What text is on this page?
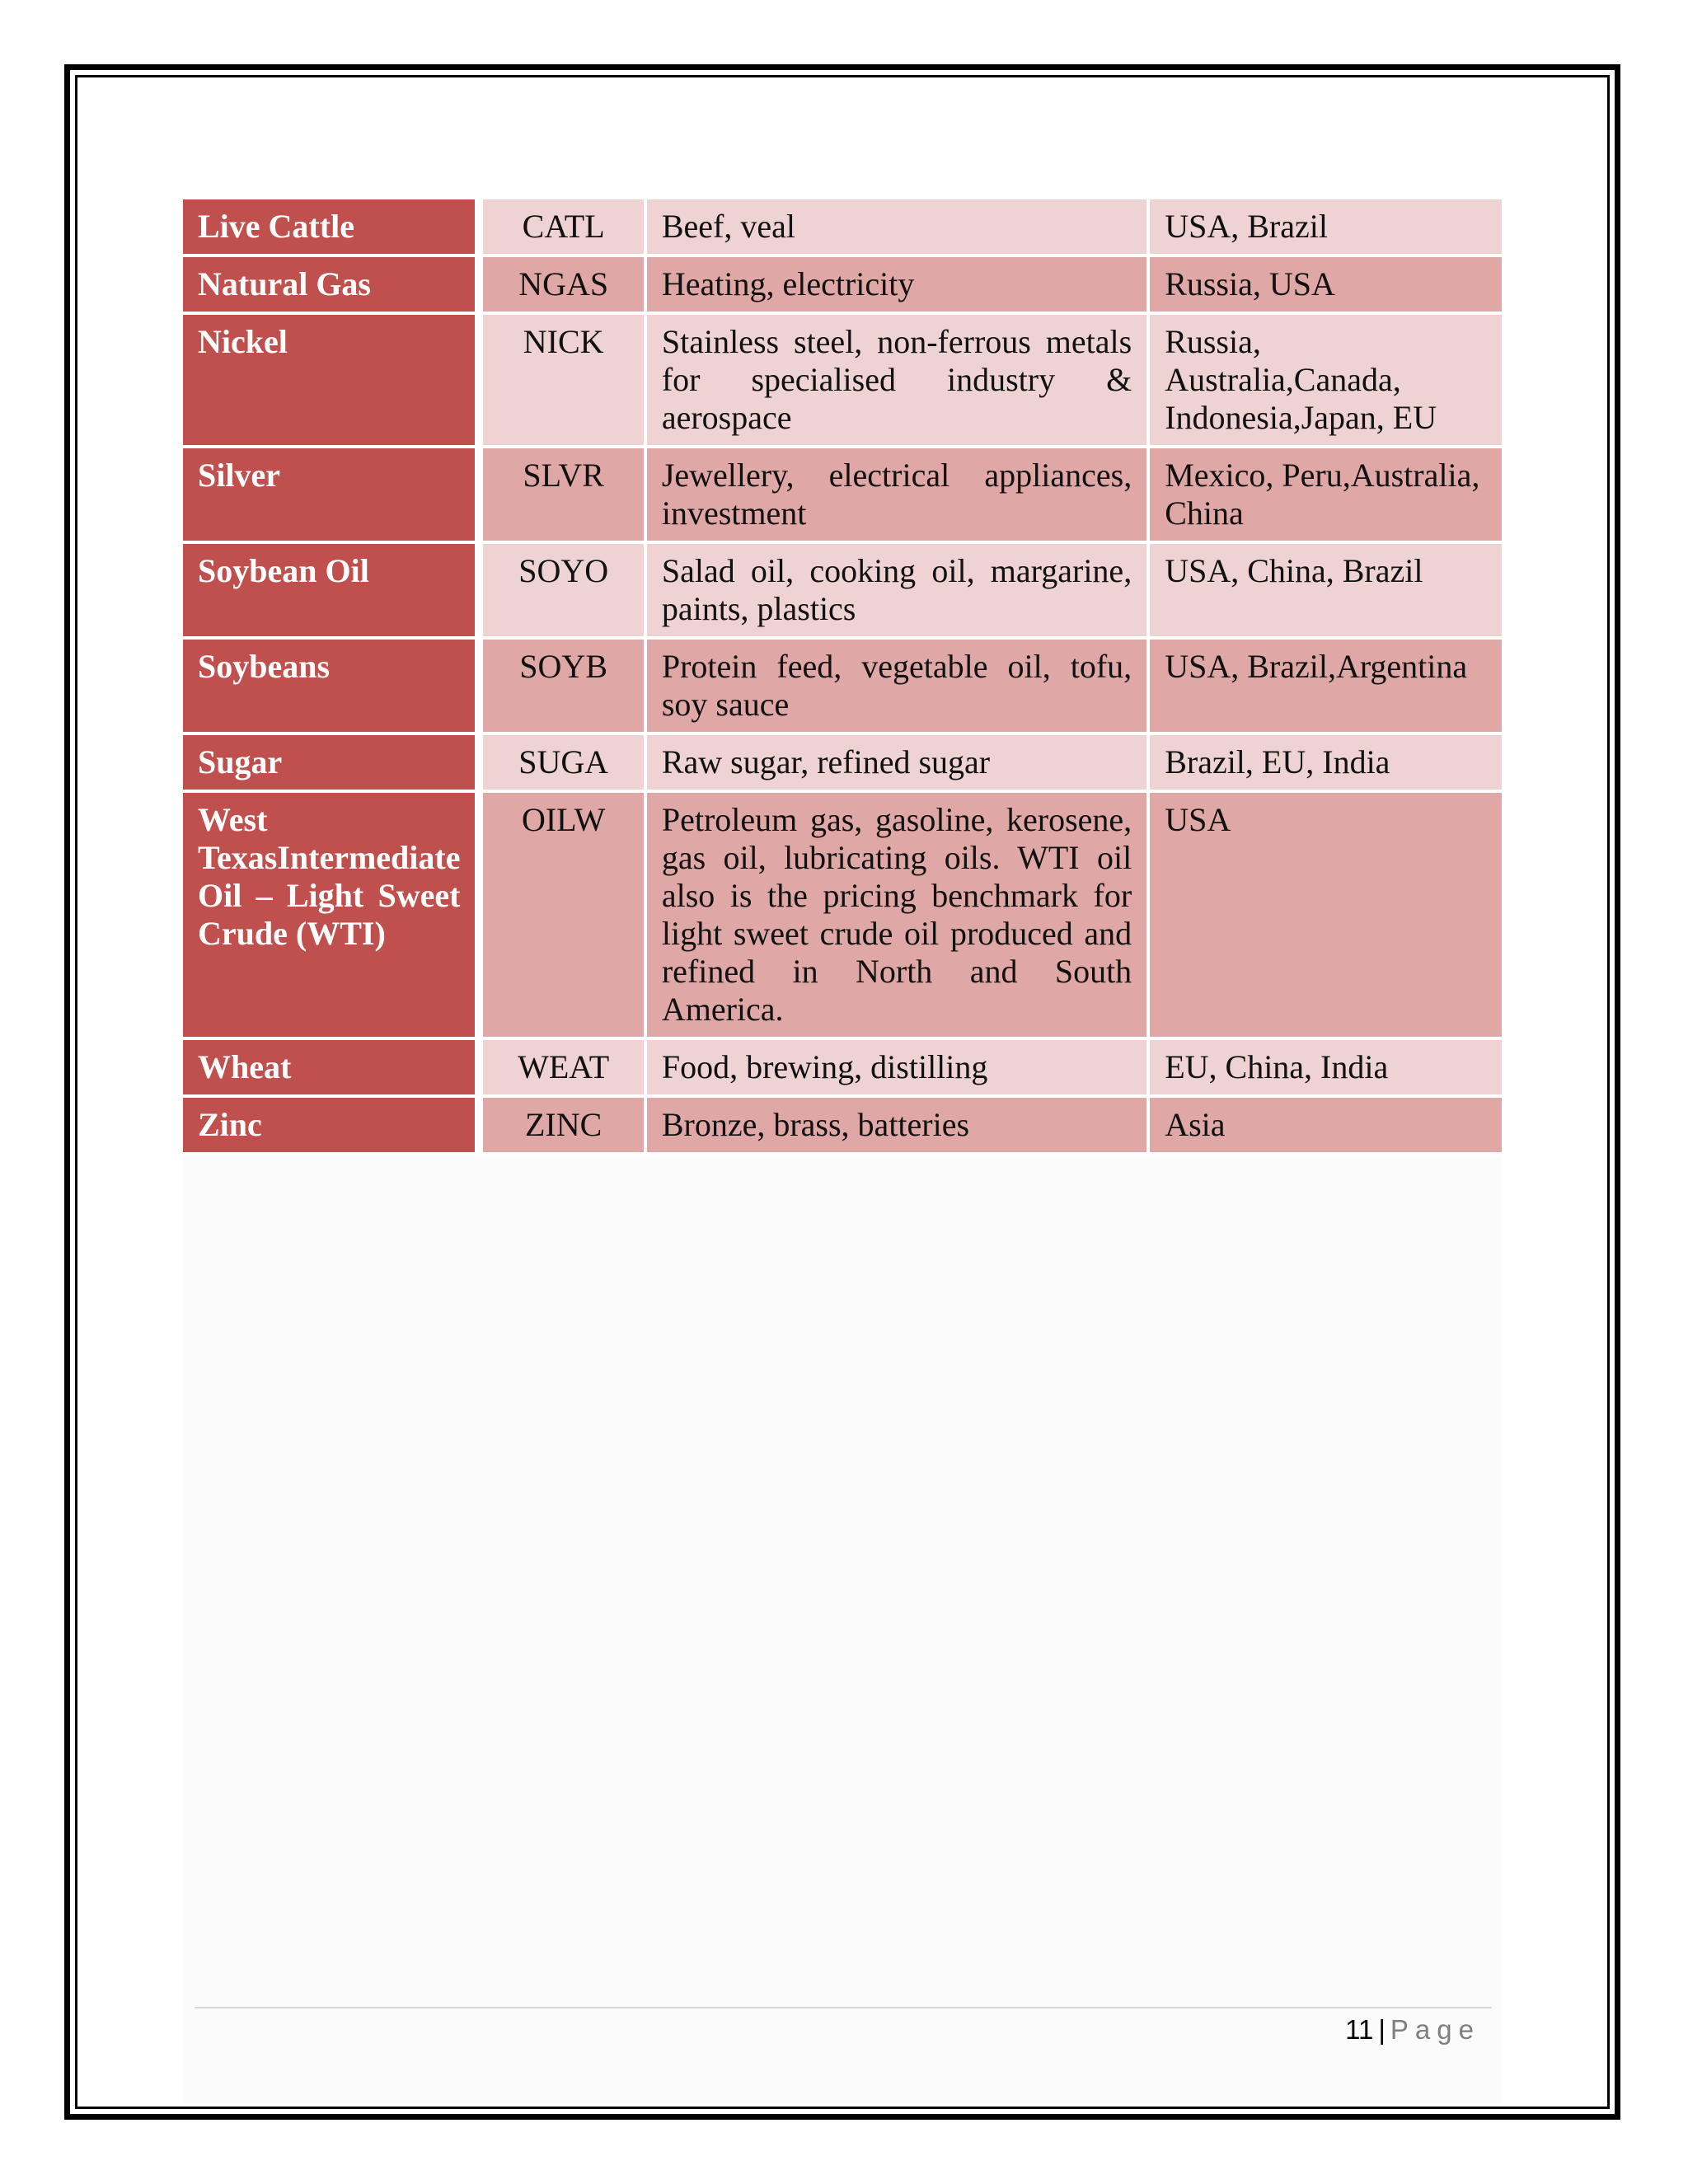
Live Cattle	CATL	Beef, veal	USA, Brazil
Natural Gas	NGAS	Heating, electricity	Russia, USA
Nickel	NICK	Stainless steel, non-ferrous metals for specialised industry & aerospace	Russia, Australia,Canada, Indonesia,Japan, EU
Silver	SLVR	Jewellery, electrical appliances, investment	Mexico, Peru,Australia, China
Soybean Oil	SOYO	Salad oil, cooking oil, margarine, paints, plastics	USA, China, Brazil
Soybeans	SOYB	Protein feed, vegetable oil, tofu, soy sauce	USA, Brazil,Argentina
Sugar	SUGA	Raw sugar, refined sugar	Brazil, EU, India
West TexasIntermediate Oil – Light Sweet Crude (WTI)	OILW	Petroleum gas, gasoline, kerosene, gas oil, lubricating oils. WTI oil also is the pricing benchmark for light sweet crude oil produced and refined in North and South America.	USA
Wheat	WEAT	Food, brewing, distilling	EU, China, India
Zinc	ZINC	Bronze, brass, batteries	Asia
11 | Page
